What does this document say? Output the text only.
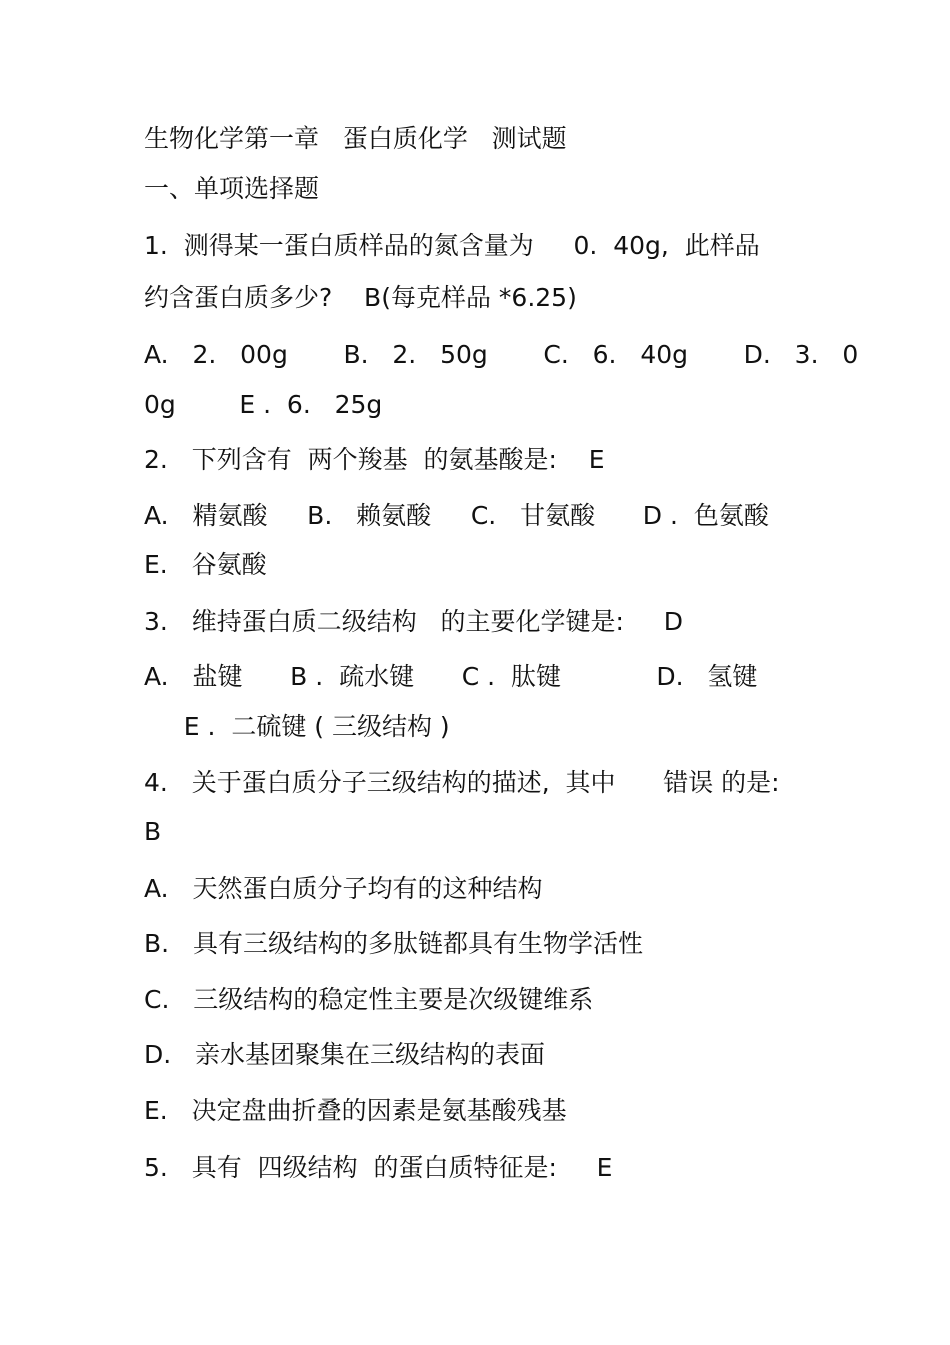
生物化学第一章   蛋白质化学   测试题
一、单项选择题
1.  测得某一蛋白质样品的氮含量为     0.  40g,  此样品
约含蛋白质多少?    B(每克样品 *6.25)
A.   2.   00g       B.   2.   50g       C.   6.   40g       D.   3.   0
0g        E .  6.   25g
2.   下列含有  两个羧基  的氨基酸是:    E
A.   精氨酸     B.   赖氨酸     C.   甘氨酸      D .  色氨酸
E.   谷氨酸
3.   维持蛋白质二级结构   的主要化学键是:     D
A.   盐键      B .  疏水键      C .  肽键            D.   氢键
E .  二硫键 ( 三级结构 )
4.   关于蛋白质分子三级结构的描述,  其中      错误 的是:
B
A.   天然蛋白质分子均有的这种结构
B.   具有三级结构的多肽链都具有生物学活性
C.   三级结构的稳定性主要是次级键维系
D.   亲水基团聚集在三级结构的表面
E.   决定盘曲折叠的因素是氨基酸残基
5.   具有  四级结构  的蛋白质特征是:     E
